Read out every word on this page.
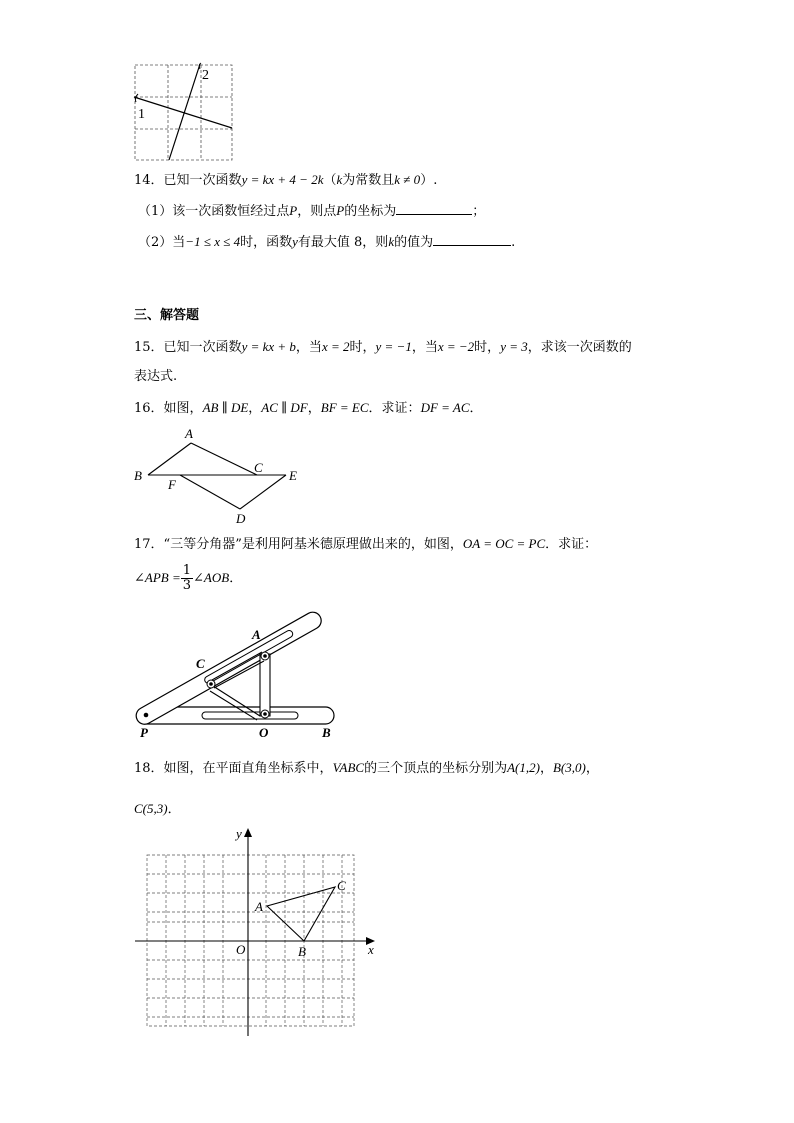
1
2
14．已知一次函数y = kx + 4 − 2k（k为常数且k ≠ 0）.
（1）该一次函数恒经过点P，则点P的坐标为	；
（2）当−1 ≤ x ≤ 4时，函数y有最大值 8，则k的值为	.
三、解答题
15．已知一次函数y = kx + b，当x = 2时，y = −1，当x = −2时，y = 3，求该一次函数的
表达式.
16．如图，AB ∥ DE，AC ∥ DF，BF = EC．求证：DF = AC．
A
B
C
E
F
D
17．“三等分角器”是利用阿基米德原理做出来的，如图，OA = OC = PC．求证：
∠APB = $\frac{1}{3}$ ∠AOB．
A
C
P	O	B
18．如图，在平面直角坐标系中，VABC的三个顶点的坐标分别为A(1,2)，B(3,0)，
C(5,3)．
x
y
O
A
B
C
